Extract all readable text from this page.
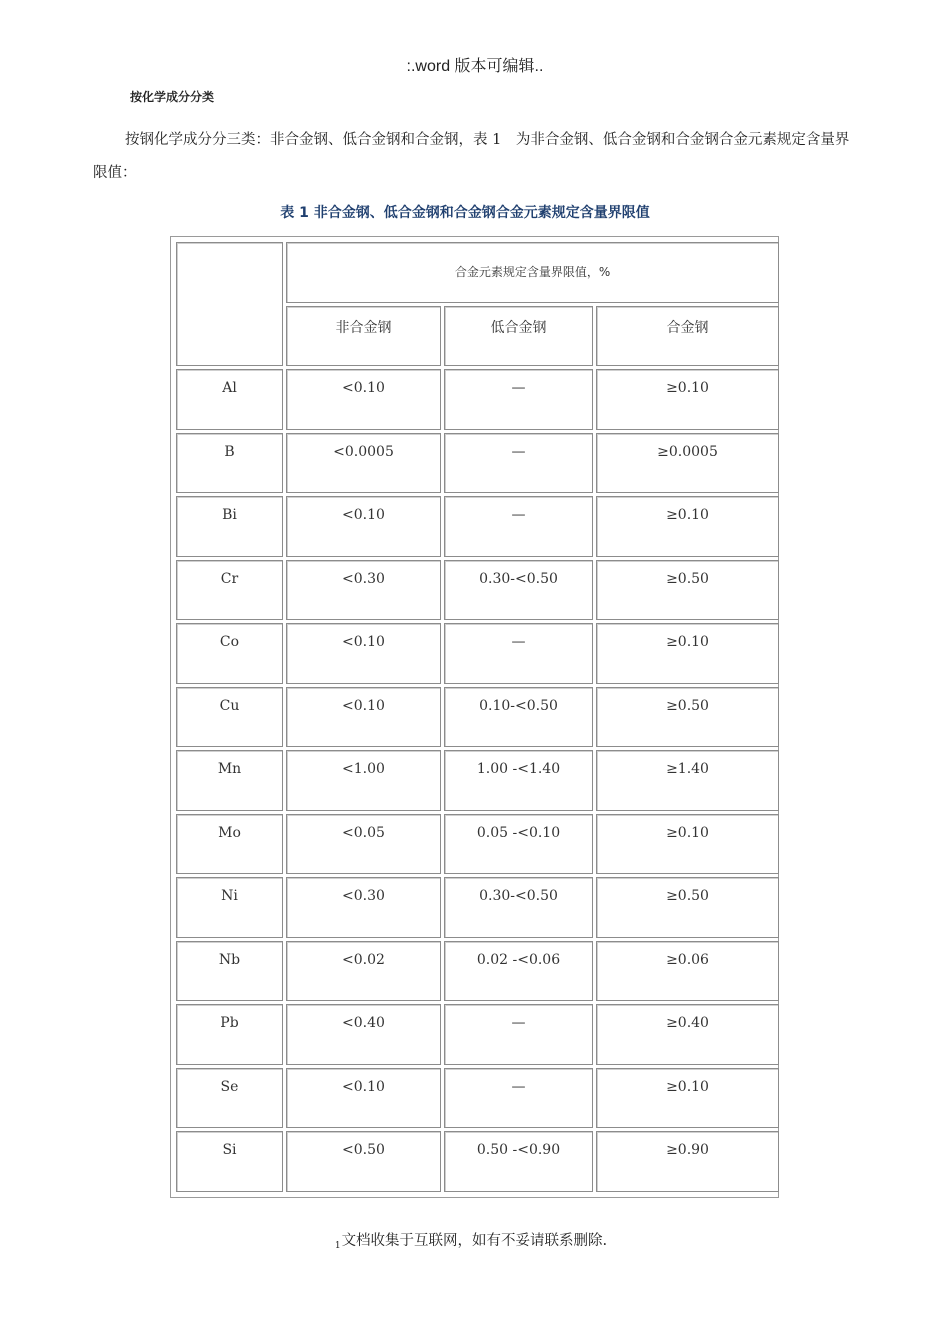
:.word 版本可编辑..
按化学成分分类
按钢化学成分分三类：非合金钢、低合金钢和合金钢，表 1　为非合金钢、低合金钢和合金钢合金元素规定含量界限值：
表 1 非合金钢、低合金钢和合金钢合金元素规定含量界限值
	合金元素规定含量界限值，%		
	非合金钢	低合金钢	合金钢
Al	<0.10	—	≥0.10
B	<0.0005	—	≥0.0005
Bi	<0.10	—	≥0.10
Cr	<0.30	0.30-<0.50	≥0.50
Co	<0.10	—	≥0.10
Cu	<0.10	0.10-<0.50	≥0.50
Mn	<1.00	1.00 -<1.40	≥1.40
Mo	<0.05	0.05 -<0.10	≥0.10
Ni	<0.30	0.30-<0.50	≥0.50
Nb	<0.02	0.02 -<0.06	≥0.06
Pb	<0.40	—	≥0.40
Se	<0.10	—	≥0.10
Si	<0.50	0.50 -<0.90	≥0.90
$_1$文档收集于互联网，如有不妥请联系删除.
